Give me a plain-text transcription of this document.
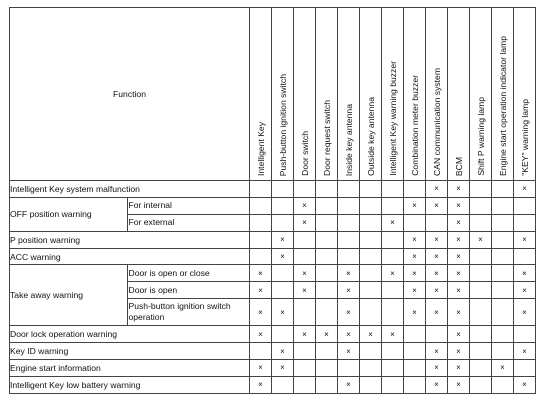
Function		Intelligent Key	Push-button ignition switch	Door switch	Door request switch	Inside key antenna	Outside key antenna	Intelligent Key warning buzzer	Combination meter buzzer	CAN communication system	BCM	Shift P warning lamp	Engine start operation indicator lamp	"KEY" warning lamp

Intelligent Key system malfunction										×	×			×
OFF position warning	For internal			×					×	×	×			
	For external			×				×			×			
P position warning			×						×	×	×	×		×
ACC warning			×						×	×	×			
Take away warning	Door is open or close	×		×		×		×	×	×	×			×
	Door is open	×		×		×			×	×	×			×
	Push-button ignition switch operation	×	×			×			×	×	×			×
Door lock operation warning		×		×	×	×	×	×			×			
Key ID warning			×			×				×	×			×
Engine start information		×	×							×	×		×	
Intelligent Key low battery warning		×				×				×	×			×
